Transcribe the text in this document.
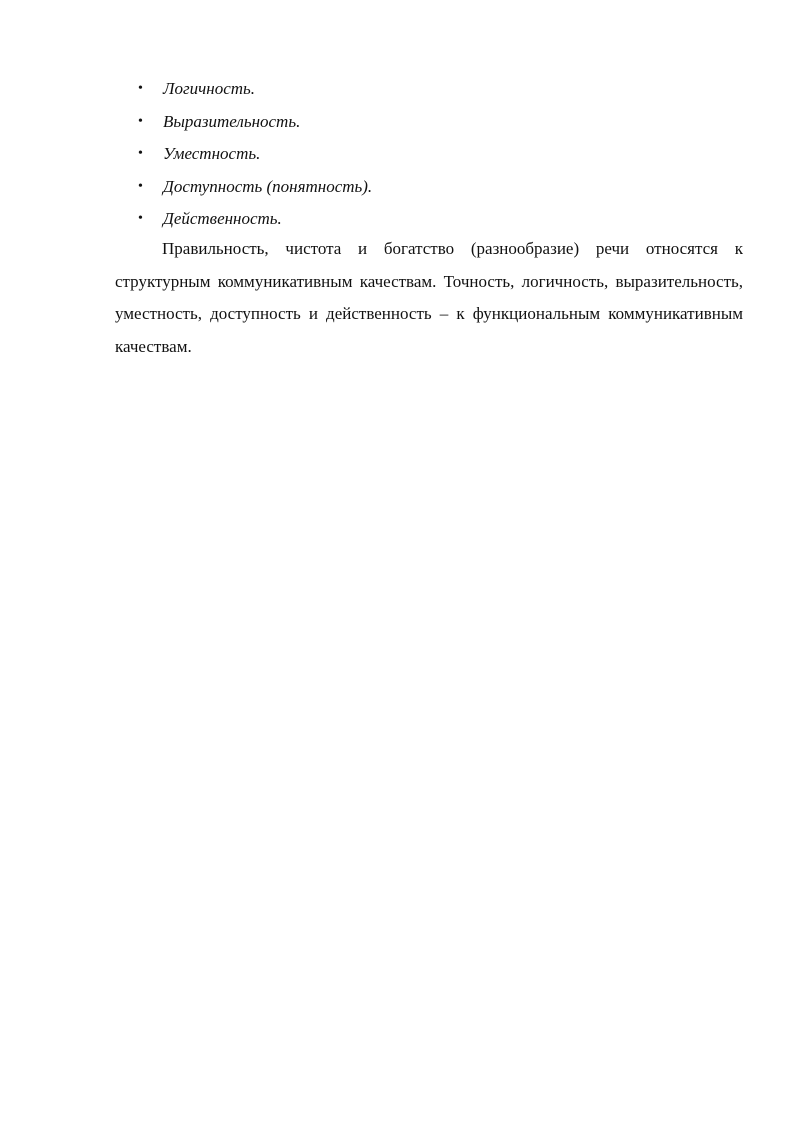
• Логичность.
• Выразительность.
• Уместность.
• Доступность (понятность).
• Действенность.

Правильность, чистота и богатство (разнообразие) речи относятся к структурным коммуникативным качествам. Точность, логичность, выразительность, уместность, доступность и действенность – к функциональным коммуникативным качествам.
